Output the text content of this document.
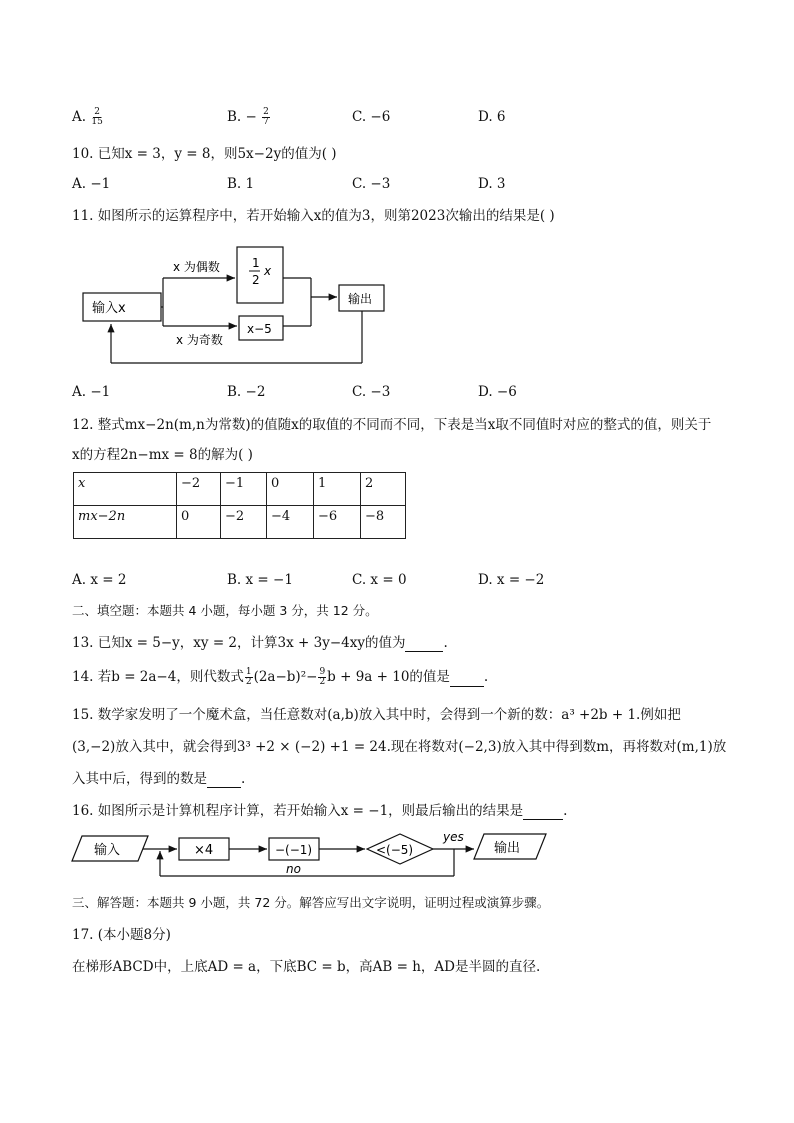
A. $\frac{2}{15}$	B. − $\frac{2}{7}$	C. −6	D. 6
10. 已知x = 3，y = 8，则5x−2y的值为( )
A. −1	B. 1	C. −3	D. 3
11. 如图所示的运算程序中，若开始输入x的值为3，则第2023次输出的结果是( )
输入x
x 为偶数
x 为奇数
1
2
x
x−5
输出
A. −1	B. −2	C. −3	D. −6
12. 整式mx−2n(m,n为常数)的值随x的取值的不同而不同，下表是当x取不同值时对应的整式的值，则关于
x的方程2n−mx = 8的解为( )
x	−2	−1	0	1	2
mx−2n	0	−2	−4	−6	−8
A. x = 2	B. x = −1	C. x = 0	D. x = −2
二、填空题：本题共 4 小题，每小题 3 分，共 12 分。
13. 已知x = 5−y，xy = 2，计算3x + 3y−4xy的值为	.
14. 若b = 2a−4，则代数式 $\frac{1}{2} (2a-b)^2- \frac{9}{2}$ b + 9a + 10的值是	.
15. 数学家发明了一个魔术盒，当任意数对(a,b)放入其中时，会得到一个新的数：a³ +2b + 1.例如把
(3,−2)放入其中，就会得到3³ +2 × (−2) +1 = 24.现在将数对(−2,3)放入其中得到数m，再将数对(m,1)放
入其中后，得到的数是	.
16. 如图所示是计算机程序计算，若开始输入x = −1，则最后输出的结果是	.
输入	×4	−(−1)	<(−5)
yes
输出
no
三、解答题：本题共 9 小题，共 72 分。解答应写出文字说明，证明过程或演算步骤。
17. (本小题8分)
在梯形ABCD中，上底AD = a，下底BC = b，高AB = h，AD是半圆的直径.
